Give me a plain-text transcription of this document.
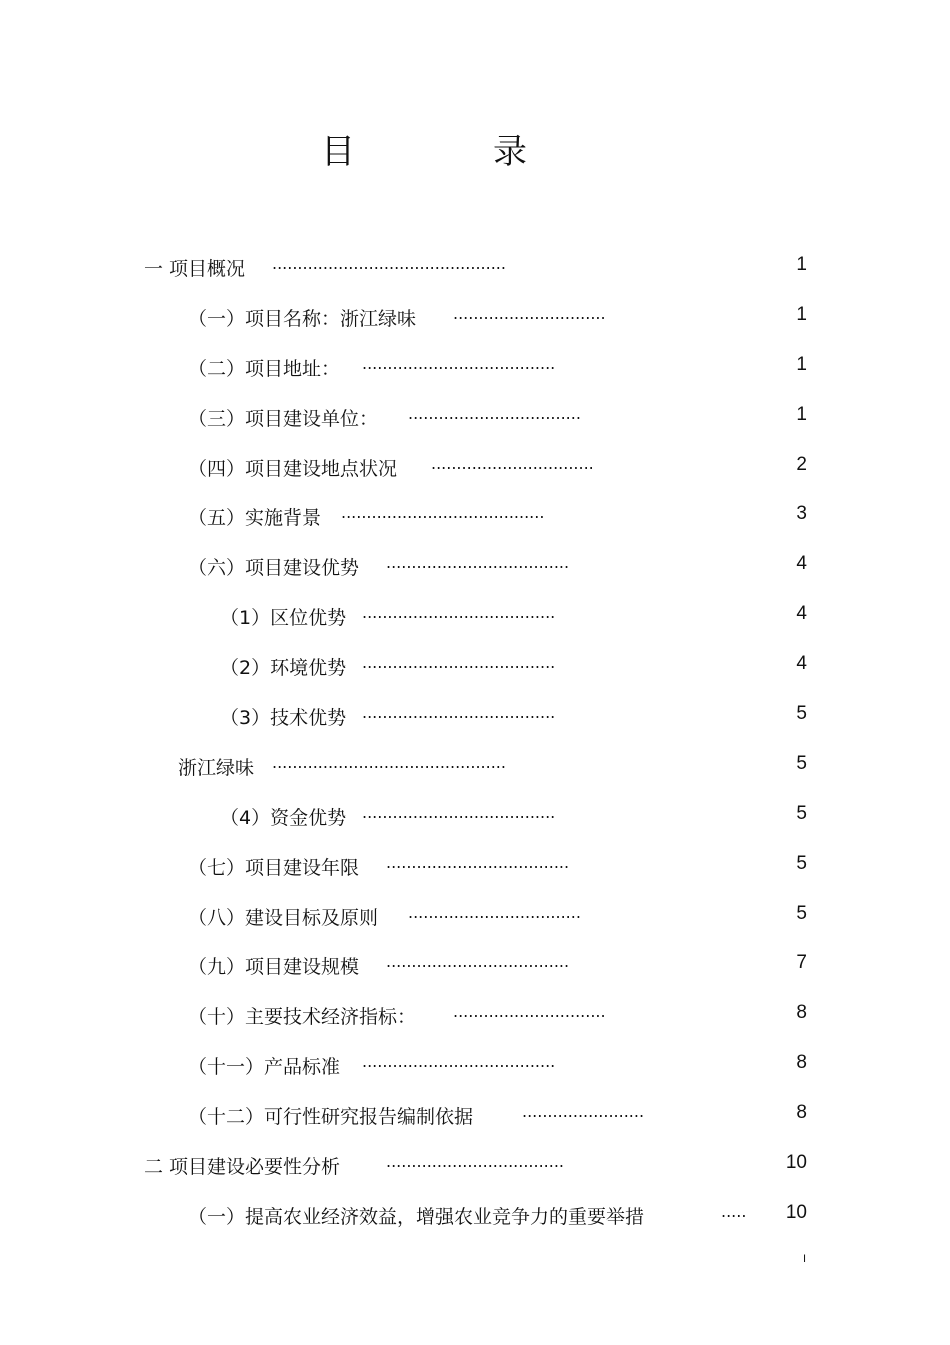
目　录
一 项目概况 ..............................................	1
（一）项目名称：浙江绿味 ..............................	1
（二）项目地址： ......................................	1
（三）项目建设单位： ..................................	1
（四）项目建设地点状况 ................................	2
（五）实施背景 ........................................	3
（六）项目建设优势 ....................................	4
（1）区位优势 ......................................	4
（2）环境优势 ......................................	4
（3）技术优势 ......................................	5
浙江绿味 ..............................................	5
（4）资金优势 ......................................	5
（七）项目建设年限 ....................................	5
（八）建设目标及原则 ..................................	5
（九）项目建设规模 ....................................	7
（十）主要技术经济指标： ..............................	8
（十一）产品标准 ......................................	8
（十二）可行性研究报告编制依据	........................	8
二 项目建设必要性分析	...................................	10
（一）提高农业经济效益，增强农业竞争力的重要举措	.....	10
I
